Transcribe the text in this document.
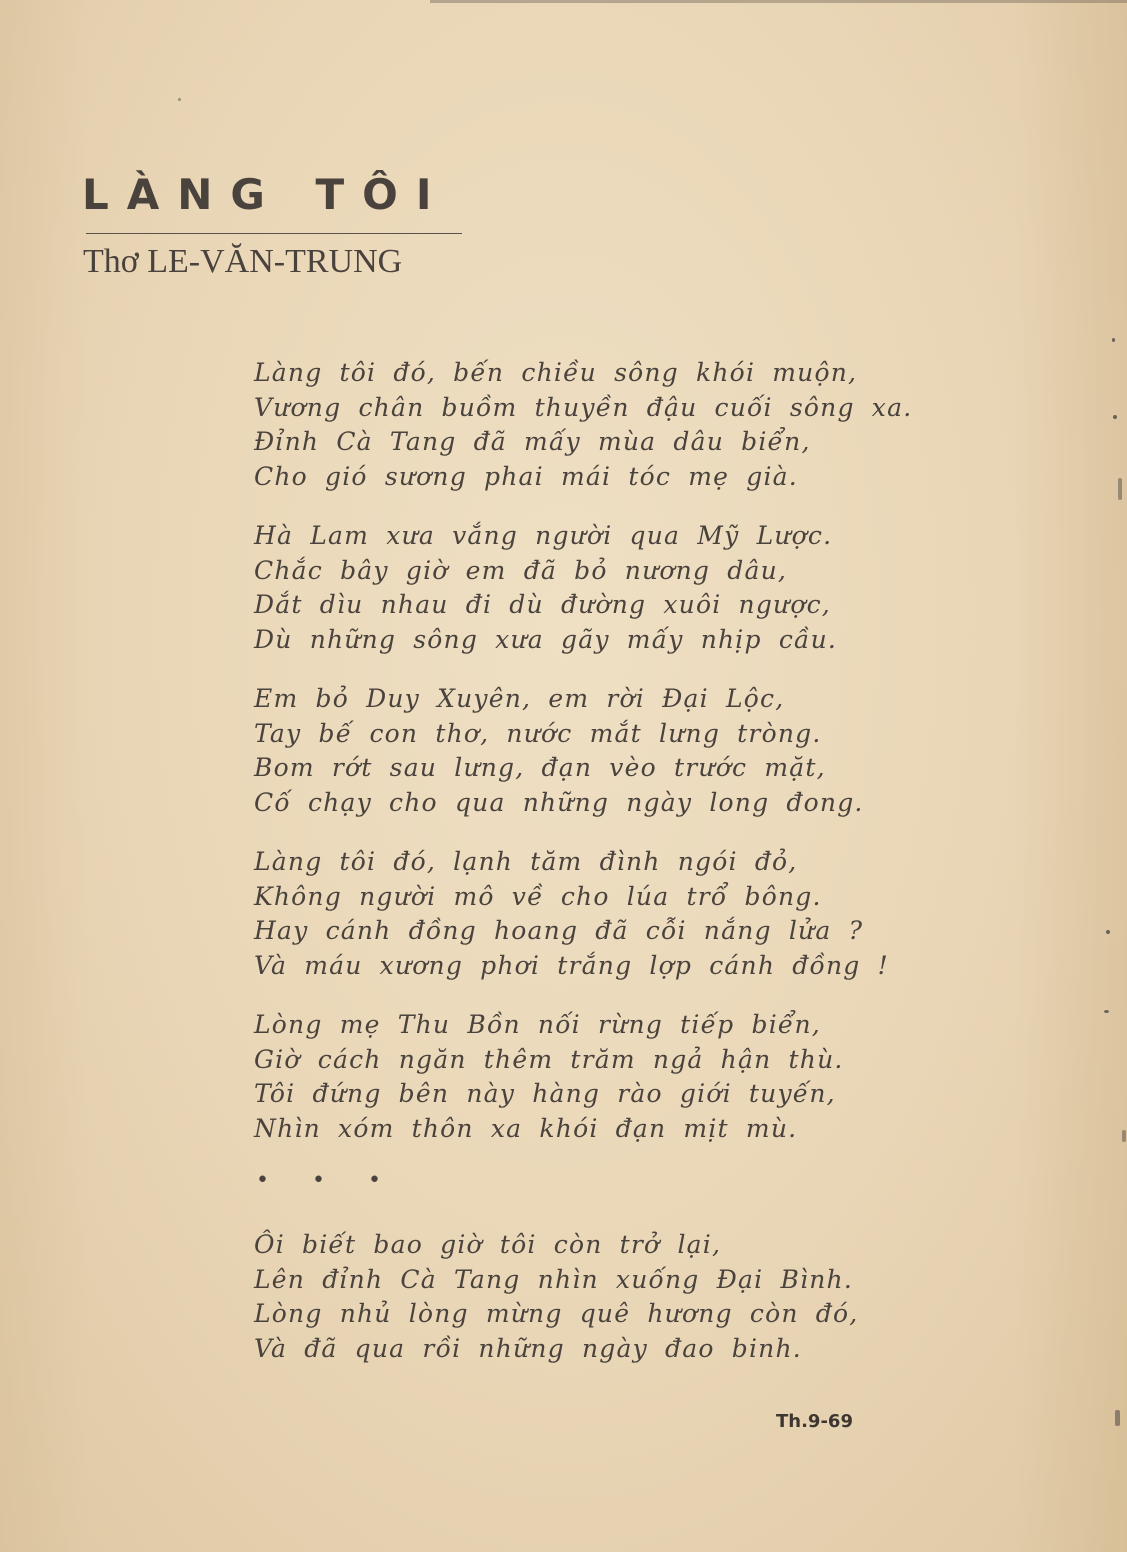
LÀNG TÔI
Thơ LE-VĂN-TRUNG
Làng tôi đó, bến chiều sông khói muộn,
Vương chân buồm thuyền đậu cuối sông xa.
Đỉnh Cà Tang đã mấy mùa dâu biển,
Cho gió sương phai mái tóc mẹ già.
Hà Lam xưa vắng người qua Mỹ Lược.
Chắc bây giờ em đã bỏ nương dâu,
Dắt dìu nhau đi dù đường xuôi ngược,
Dù những sông xưa gãy mấy nhịp cầu.
Em bỏ Duy Xuyên, em rời Đại Lộc,
Tay bế con thơ, nước mắt lưng tròng.
Bom rớt sau lưng, đạn vèo trước mặt,
Cố chạy cho qua những ngày long đong.
Làng tôi đó, lạnh tăm đình ngói đỏ,
Không người mô về cho lúa trổ bông.
Hay cánh đồng hoang đã cỗi nắng lửa ?
Và máu xương phơi trắng lợp cánh đồng !
Lòng mẹ Thu Bồn nối rừng tiếp biển,
Giờ cách ngăn thêm trăm ngả hận thù.
Tôi đứng bên này hàng rào giới tuyến,
Nhìn xóm thôn xa khói đạn mịt mù.
• • •
Ôi biết bao giờ tôi còn trở lại,
Lên đỉnh Cà Tang nhìn xuống Đại Bình.
Lòng nhủ lòng mừng quê hương còn đó,
Và đã qua rồi những ngày đao binh.
Th.9-69
